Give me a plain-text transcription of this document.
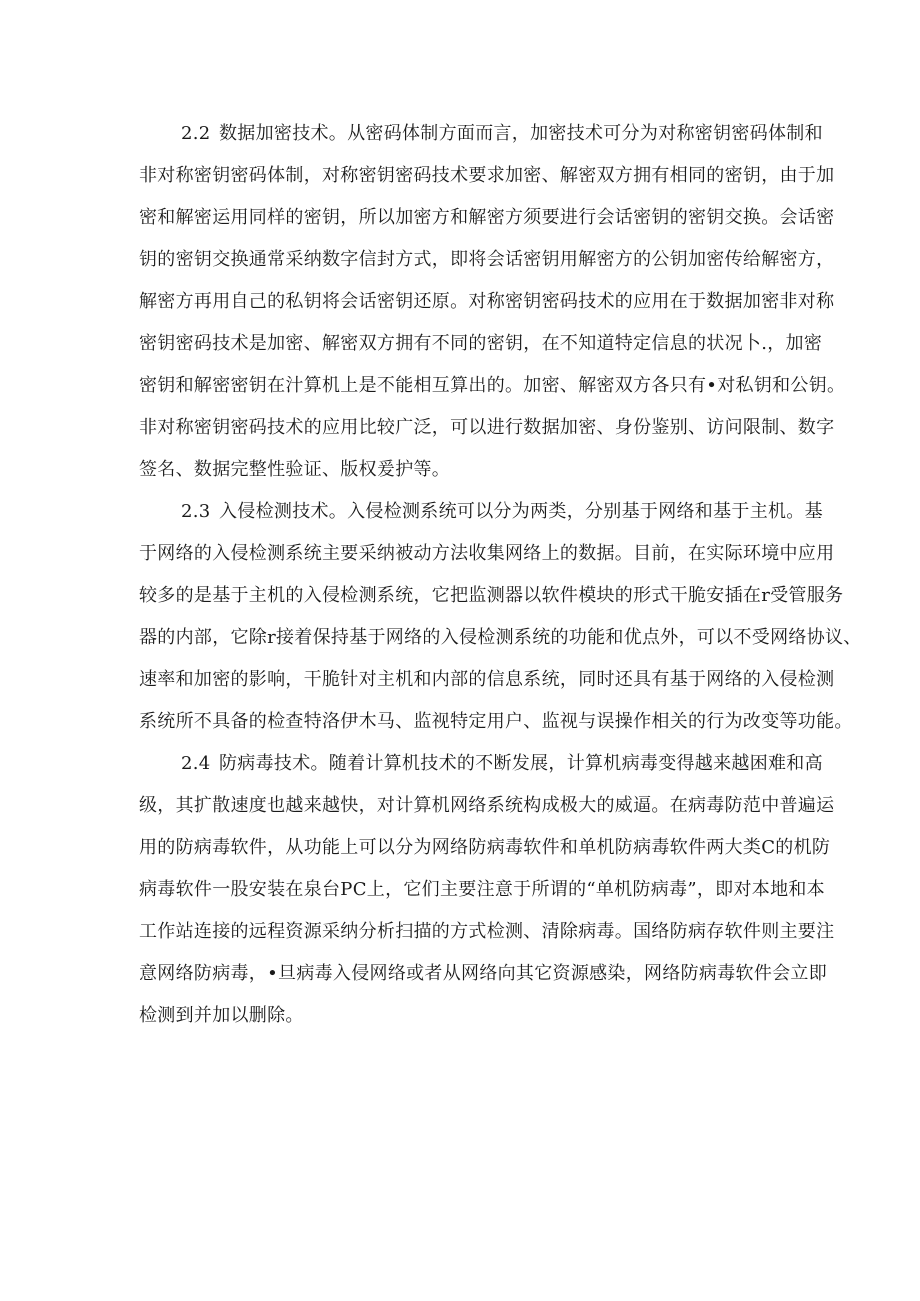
2.2 数据加密技术。从密码体制方面而言，加密技术可分为对称密钥密码体制和
非对称密钥密码体制，对称密钥密码技术要求加密、解密双方拥有相同的密钥，由于加
密和解密运用同样的密钥，所以加密方和解密方须要进行会话密钥的密钥交换。会话密
钥的密钥交换通常采纳数字信封方式，即将会话密钥用解密方的公钥加密传给解密方，
解密方再用自己的私钥将会话密钥还原。对称密钥密码技术的应用在于数据加密非对称
密钥密码技术是加密、解密双方拥有不同的密钥，在不知道特定信息的状况卜.，加密
密钥和解密密钥在汁算机上是不能相互算出的。加密、解密双方各只有•对私钥和公钥。
非对称密钥密码技术的应用比较广泛，可以进行数据加密、身份鉴别、访问限制、数字
签名、数据完整性验证、版权爰护等。

2.3 入侵检测技术。入侵检测系统可以分为两类，分别基于网络和基于主机。基
于网络的入侵检测系统主要采纳被动方法收集网络上的数据。目前，在实际环境中应用
较多的是基于主机的入侵检测系统，它把监测器以软件模块的形式干脆安插在r受管服务
器的内部，它除r接着保持基于网络的入侵检测系统的功能和优点外，可以不受网络协议、
速率和加密的影响，干脆针对主机和内部的信息系统，同时还具有基于网络的入侵检测
系统所不具备的检查特洛伊木马、监视特定用户、监视与误操作相关的行为改变等功能。

2.4 防病毒技术。随着计算机技术的不断发展，计算机病毒变得越来越困难和高
级，其扩散速度也越来越快，对计算机网络系统构成极大的威逼。在病毒防范中普遍运
用的防病毒软件，从功能上可以分为网络防病毒软件和单机防病毒软件两大类C的机防
病毒软件一股安装在泉台PC上，它们主要注意于所谓的“单机防病毒”，即对本地和本
工作站连接的远程资源采纳分析扫描的方式检测、清除病毒。国络防病存软件则主要注
意网络防病毒，•旦病毒入侵网络或者从网络向其它资源感染，网络防病毒软件会立即
检测到并加以删除。
